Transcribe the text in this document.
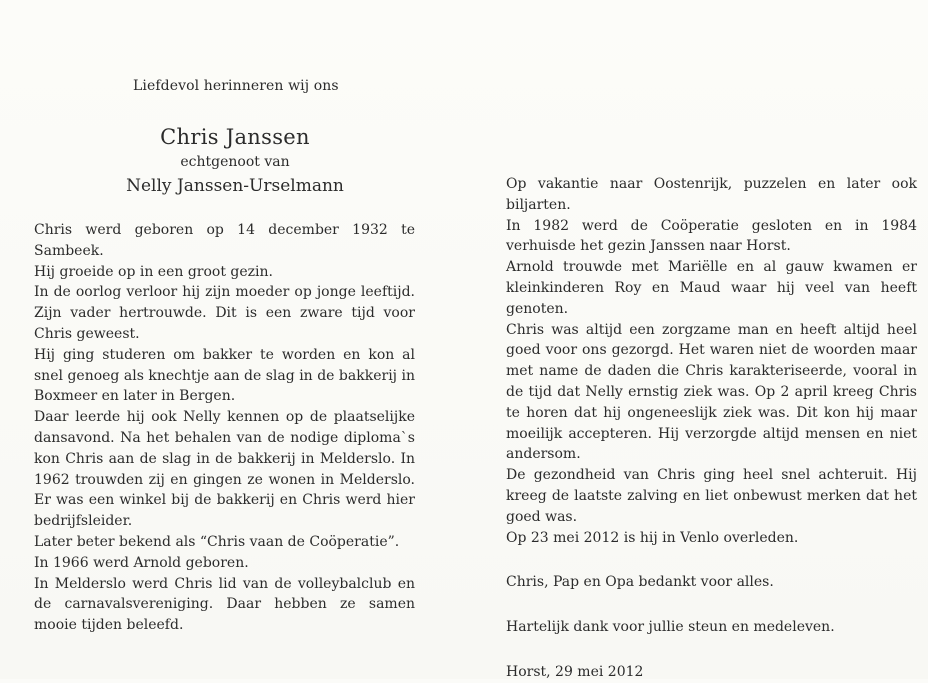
Liefdevol herinneren wij ons
Chris Janssen
echtgenoot van
Nelly Janssen-Urselmann

Chris werd geboren op 14 december 1932 te Sambeek.

Hij groeide op in een groot gezin.

In de oorlog verloor hij zijn moeder op jonge leeftijd. Zijn vader hertrouwde. Dit is een zware tijd voor Chris geweest.

Hij ging studeren om bakker te worden en kon al snel genoeg als knechtje aan de slag in de bakkerij in Boxmeer en later in Bergen.

Daar leerde hij ook Nelly kennen op de plaatselijke dansavond. Na het behalen van de nodige diploma`s kon Chris aan de slag in de bakkerij in Melderslo. In 1962 trouwden zij en gingen ze wonen in Melderslo. Er was een winkel bij de bakkerij en Chris werd hier bedrijfsleider.

Later beter bekend als “Chris vaan de Coöperatie”.

In 1966 werd Arnold geboren.

In Melderslo werd Chris lid van de volleybalclub en de carnavalsvereniging. Daar hebben ze samen mooie tijden beleefd.

Op vakantie naar Oostenrijk, puzzelen en later ook biljarten.

In 1982 werd de Coöperatie gesloten en in 1984 verhuisde het gezin Janssen naar Horst.

Arnold trouwde met Mariëlle en al gauw kwamen er kleinkinderen Roy en Maud waar hij veel van heeft genoten.

Chris was altijd een zorgzame man en heeft altijd heel goed voor ons gezorgd. Het waren niet de woorden maar met name de daden die Chris karakteriseerde, vooral in de tijd dat Nelly ernstig ziek was. Op 2 april kreeg Chris te horen dat hij ongeneeslijk ziek was. Dit kon hij maar moeilijk accepteren. Hij verzorgde altijd mensen en niet andersom.

De gezondheid van Chris ging heel snel achteruit. Hij kreeg de laatste zalving en liet onbewust merken dat het goed was.

Op 23 mei 2012 is hij in Venlo overleden.

Chris, Pap en Opa bedankt voor alles.

Hartelijk dank voor jullie steun en medeleven.

Horst, 29 mei 2012
